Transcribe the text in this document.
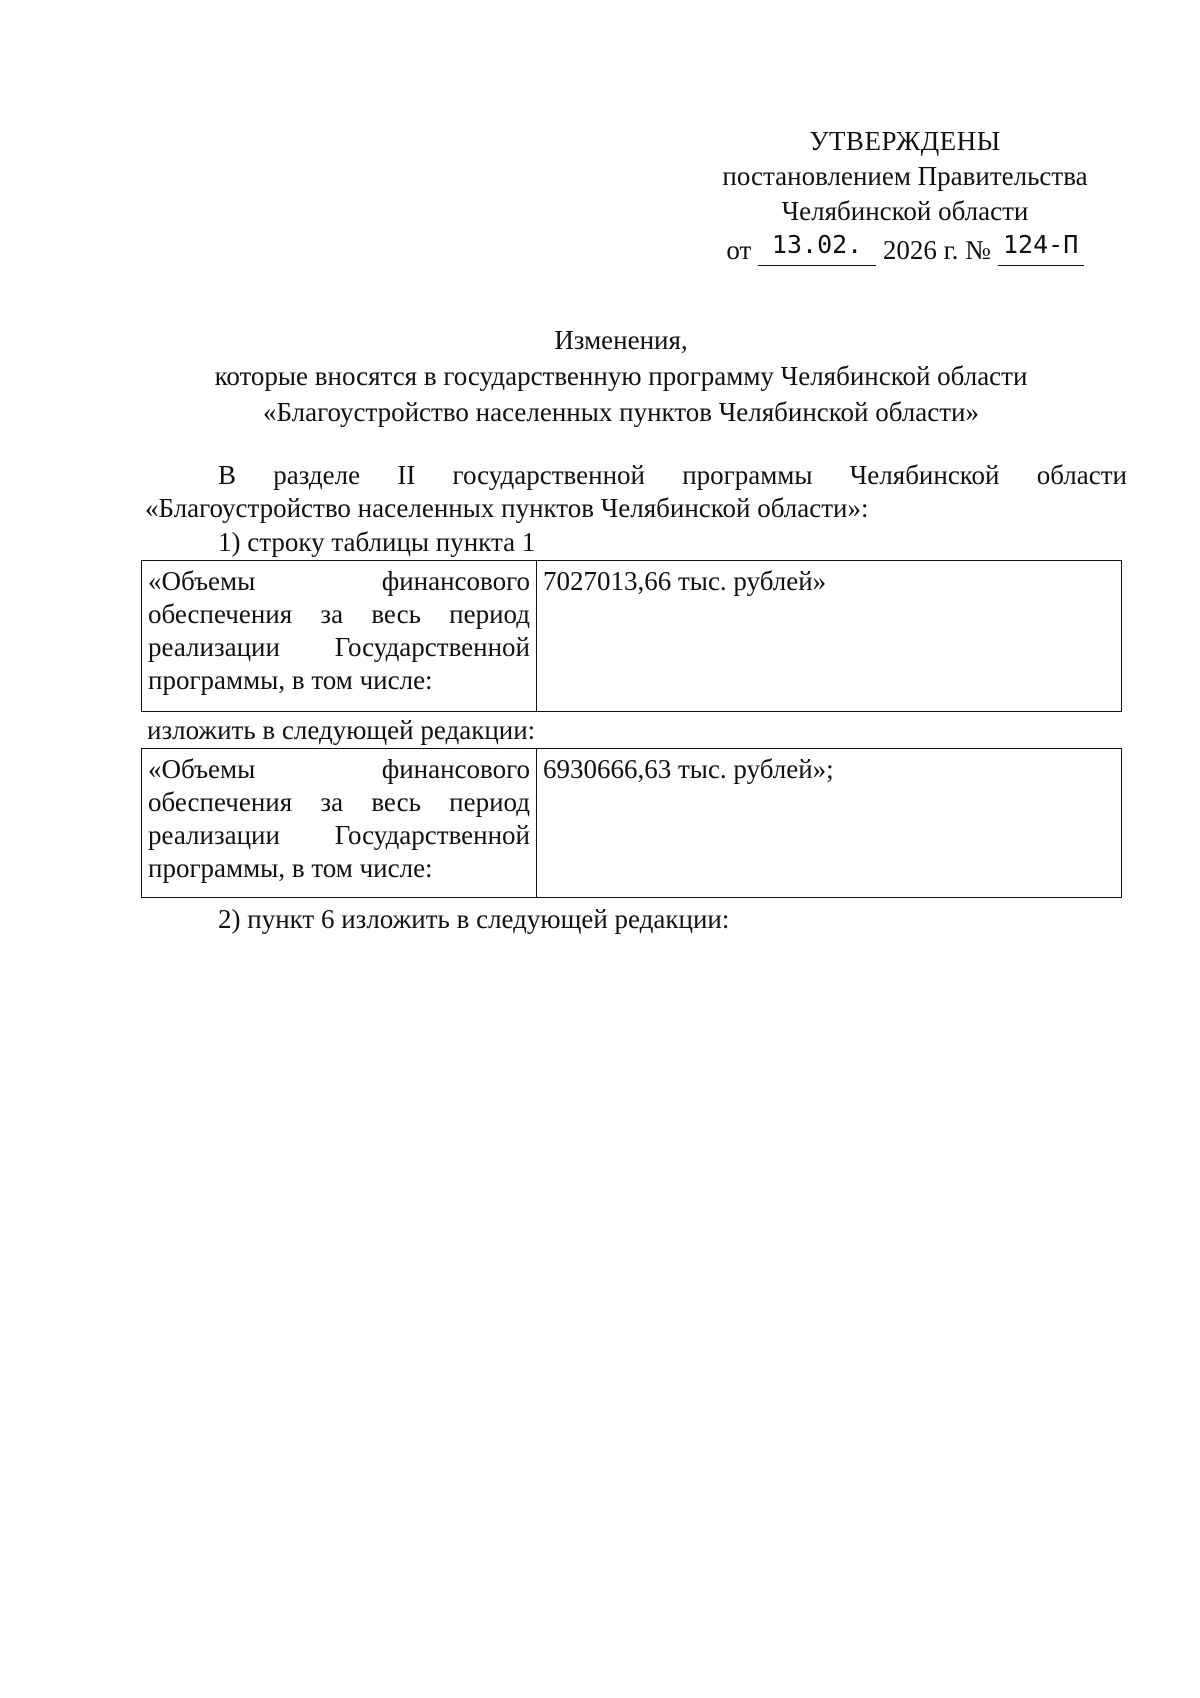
УТВЕРЖДЕНЫ
постановлением Правительства
Челябинской области
от 13.02. 2026 г. № 124-П
Изменения,
которые вносятся в государственную программу Челябинской области
«Благоустройство населенных пунктов Челябинской области»
В разделе II государственной программы Челябинской области
«Благоустройство населенных пунктов Челябинской области»:
1) строку таблицы пункта 1
«Объемы финансового обеспечения за весь период реализации Государственной программы, в том числе:	7027013,66 тыс. рублей»
изложить в следующей редакции:
«Объемы финансового обеспечения за весь период реализации Государственной программы, в том числе:	6930666,63 тыс. рублей»;
2) пункт 6 изложить в следующей редакции:
